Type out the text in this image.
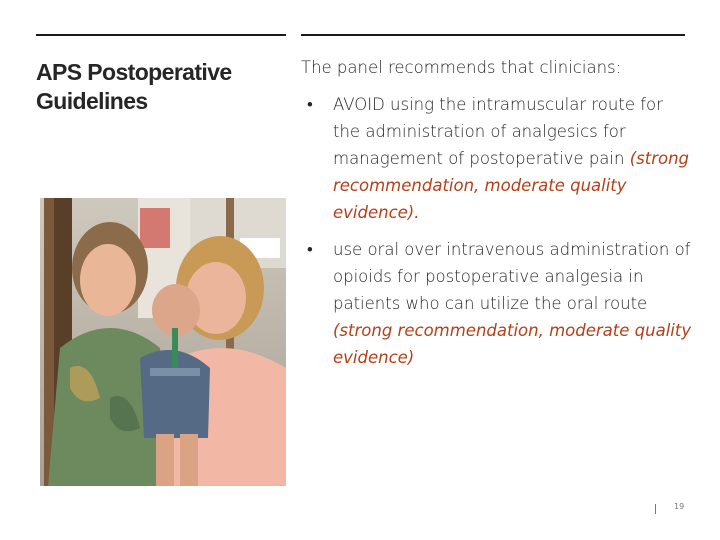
APS Postoperative
Guidelines

The panel recommends that clinicians:

• AVOID using the intramuscular route for the administration of analgesics for management of postoperative pain (strong recommendation, moderate quality evidence).
• use oral over intravenous administration of opioids for postoperative analgesia in patients who can utilize the oral route (strong recommendation, moderate quality evidence)
19
